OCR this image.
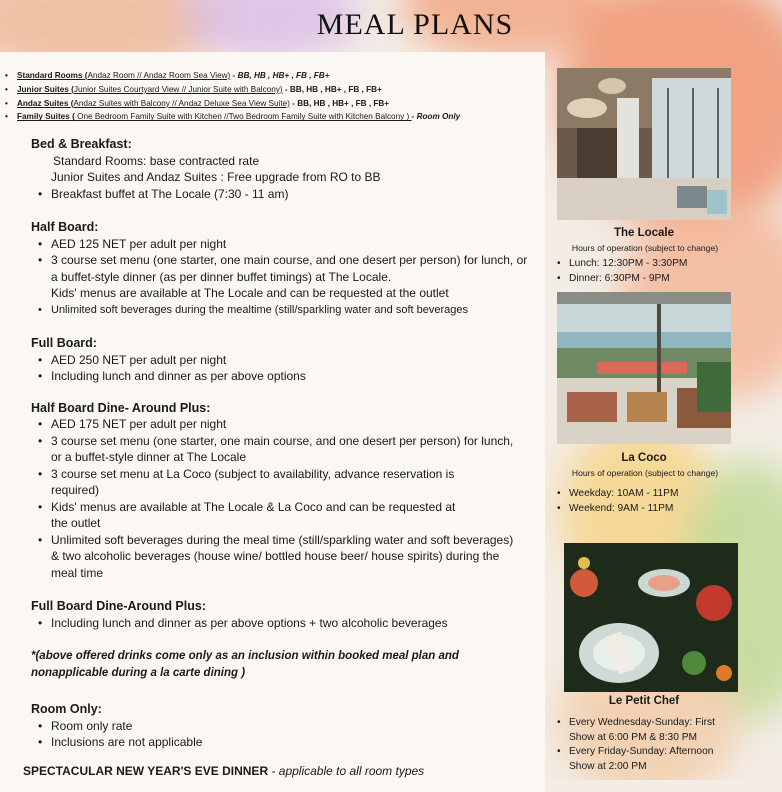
MEAL PLANS
• Standard Rooms (Andaz Room // Andaz Room Sea View) - BB, HB , HB+ , FB , FB+
• Junior Suites (Junior Suites Courtyard View // Junior Suite with Balcony) - BB, HB , HB+ , FB , FB+
• Andaz Suites (Andaz Suites with Balcony // Andaz Deluxe Sea View Suite) - BB, HB , HB+ , FB , FB+
• Family Suites ( One Bedroom Family Suite with Kitchen //Two Bedroom Family Suite with Kitchen Balcony ) - Room Only

Bed & Breakfast:

Standard Rooms: base contracted rate

Junior Suites and Andaz Suites : Free upgrade from RO to BB

• Breakfast buffet at The Locale (7:30 - 11 am)

Half Board:

• AED 125 NET per adult per night
• 3 course set menu (one starter, one main course, and one desert per person) for lunch, or a buffet-style dinner (as per dinner buffet timings) at The Locale.

Kids' menus are available at The Locale and can be requested at the outlet

• Unlimited soft beverages during the mealtime (still/sparkling water and soft beverages

Full Board:

• AED 250 NET per adult per night
• Including lunch and dinner as per above options

Half Board Dine- Around Plus:

• AED 175 NET per adult per night
• 3 course set menu (one starter, one main course, and one desert per person) for lunch, or a buffet-style dinner at The Locale
• 3 course set menu at La Coco (subject to availability, advance reservation is required)
• Kids' menus are available at The Locale & La Coco and can be requested at the outlet
• Unlimited soft beverages during the meal time (still/sparkling water and soft beverages) & two alcoholic beverages (house wine/ bottled house beer/ house spirits) during the meal time

Full Board Dine-Around Plus:

• Including lunch and dinner as per above options + two alcoholic beverages

*(above offered drinks come only as an inclusion within booked meal plan and nonapplicable during a la carte dining )

Room Only:

• Room only rate
• Inclusions are not applicable

SPECTACULAR NEW YEAR'S EVE DINNER - applicable to all room types

The Locale
Hours of operation (subject to change)
• Lunch: 12:30PM - 3:30PM
• Dinner: 6:30PM - 9PM
La Coco
Hours of operation (subject to change)
• Weekday: 10AM - 11PM
• Weekend: 9AM - 11PM
Le Petit Chef
• Every Wednesday-Sunday: First Show at 6:00 PM & 8:30 PM
• Every Friday-Sunday: Afternoon Show at 2:00 PM
